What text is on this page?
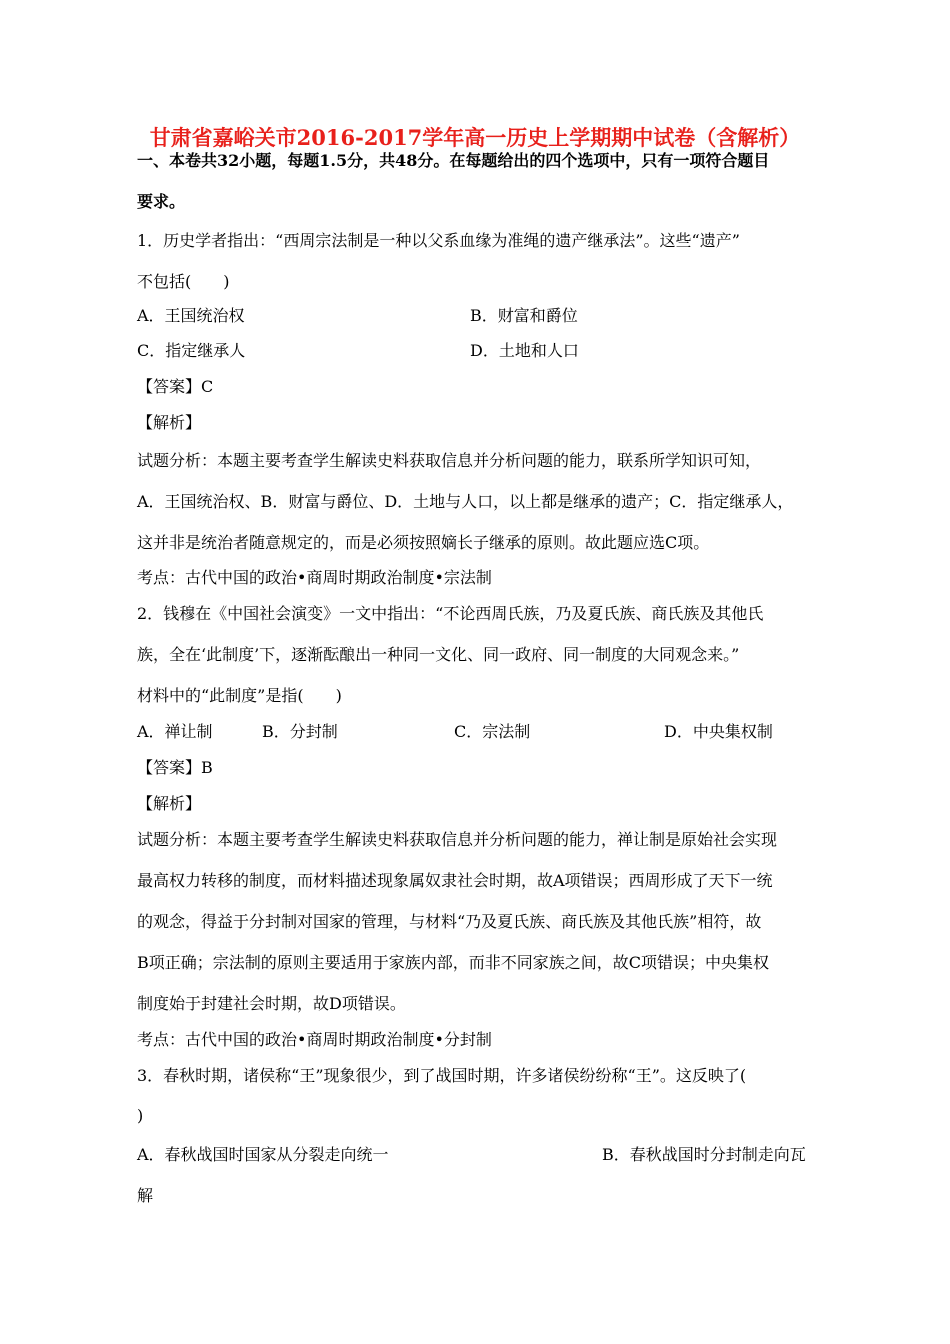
甘肃省嘉峪关市2016-2017学年高一历史上学期期中试卷（含解析）
一、本卷共32小题，每题1.5分，共48分。在每题给出的四个选项中，只有一项符合题目
要求。
1．历史学者指出：“西周宗法制是一种以父系血缘为准绳的遗产继承法”。这些“遗产”
不包括(　　)
A．王国统治权	B．财富和爵位
C．指定继承人	D．土地和人口
【答案】C
【解析】
试题分析：本题主要考查学生解读史料获取信息并分析问题的能力，联系所学知识可知，
A．王国统治权、B．财富与爵位、D．土地与人口，以上都是继承的遗产；C．指定继承人，
这并非是统治者随意规定的，而是必须按照嫡长子继承的原则。故此题应选C项。
考点：古代中国的政治•商周时期政治制度•宗法制
2．钱穆在《中国社会演变》一文中指出：“不论西周氏族，乃及夏氏族、商氏族及其他氏
族，全在‘此制度’下，逐渐酝酿出一种同一文化、同一政府、同一制度的大同观念来。”
材料中的“此制度”是指(　　)
A．禅让制	B．分封制	C．宗法制	D．中央集权制
【答案】B
【解析】
试题分析：本题主要考查学生解读史料获取信息并分析问题的能力，禅让制是原始社会实现
最高权力转移的制度，而材料描述现象属奴隶社会时期，故A项错误；西周形成了天下一统
的观念，得益于分封制对国家的管理，与材料“乃及夏氏族、商氏族及其他氏族”相符，故
B项正确；宗法制的原则主要适用于家族内部，而非不同家族之间，故C项错误；中央集权
制度始于封建社会时期，故D项错误。
考点：古代中国的政治•商周时期政治制度•分封制
3．春秋时期，诸侯称“王”现象很少，到了战国时期，许多诸侯纷纷称“王”。这反映了(
)
A．春秋战国时国家从分裂走向统一	B．春秋战国时分封制走向瓦
解
